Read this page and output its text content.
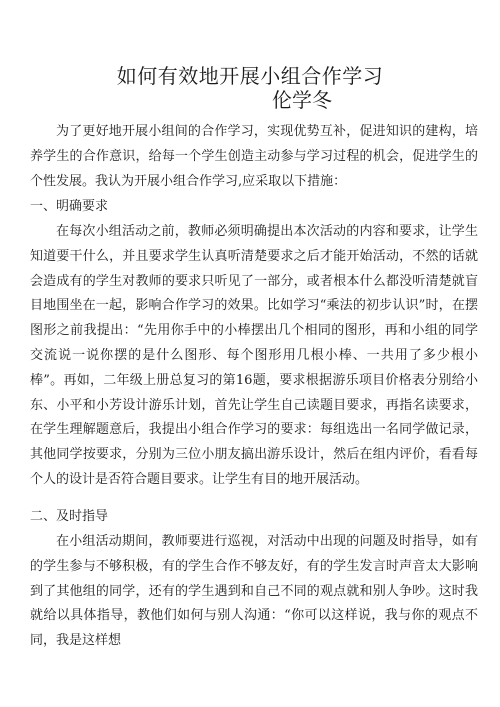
如何有效地开展小组合作学习
伦学冬

为了更好地开展小组间的合作学习，实现优势互补，促进知识的建构，培养学生的合作意识，给每一个学生创造主动参与学习过程的机会，促进学生的个性发展。我认为开展小组合作学习,应采取以下措施：

一、明确要求

在每次小组活动之前，教师必须明确提出本次活动的内容和要求，让学生知道要干什么，并且要求学生认真听清楚要求之后才能开始活动，不然的话就会造成有的学生对教师的要求只听见了一部分，或者根本什么都没听清楚就盲目地围坐在一起，影响合作学习的效果。比如学习“乘法的初步认识”时，在摆图形之前我提出：“先用你手中的小棒摆出几个相同的图形，再和小组的同学交流说一说你摆的是什么图形、每个图形用几根小棒、一共用了多少根小棒”。再如，二年级上册总复习的第16题，要求根据游乐项目价格表分别给小东、小平和小芳设计游乐计划，首先让学生自己读题目要求，再指名读要求，在学生理解题意后，我提出小组合作学习的要求：每组选出一名同学做记录，其他同学按要求，分别为三位小朋友搞出游乐设计，然后在组内评价，看看每个人的设计是否符合题目要求。让学生有目的地开展活动。

二、及时指导

在小组活动期间，教师要进行巡视，对活动中出现的问题及时指导，如有的学生参与不够积极，有的学生合作不够友好，有的学生发言时声音太大影响到了其他组的同学，还有的学生遇到和自己不同的观点就和别人争吵。这时我就给以具体指导，教他们如何与别人沟通：“你可以这样说，我与你的观点不同，我是这样想
